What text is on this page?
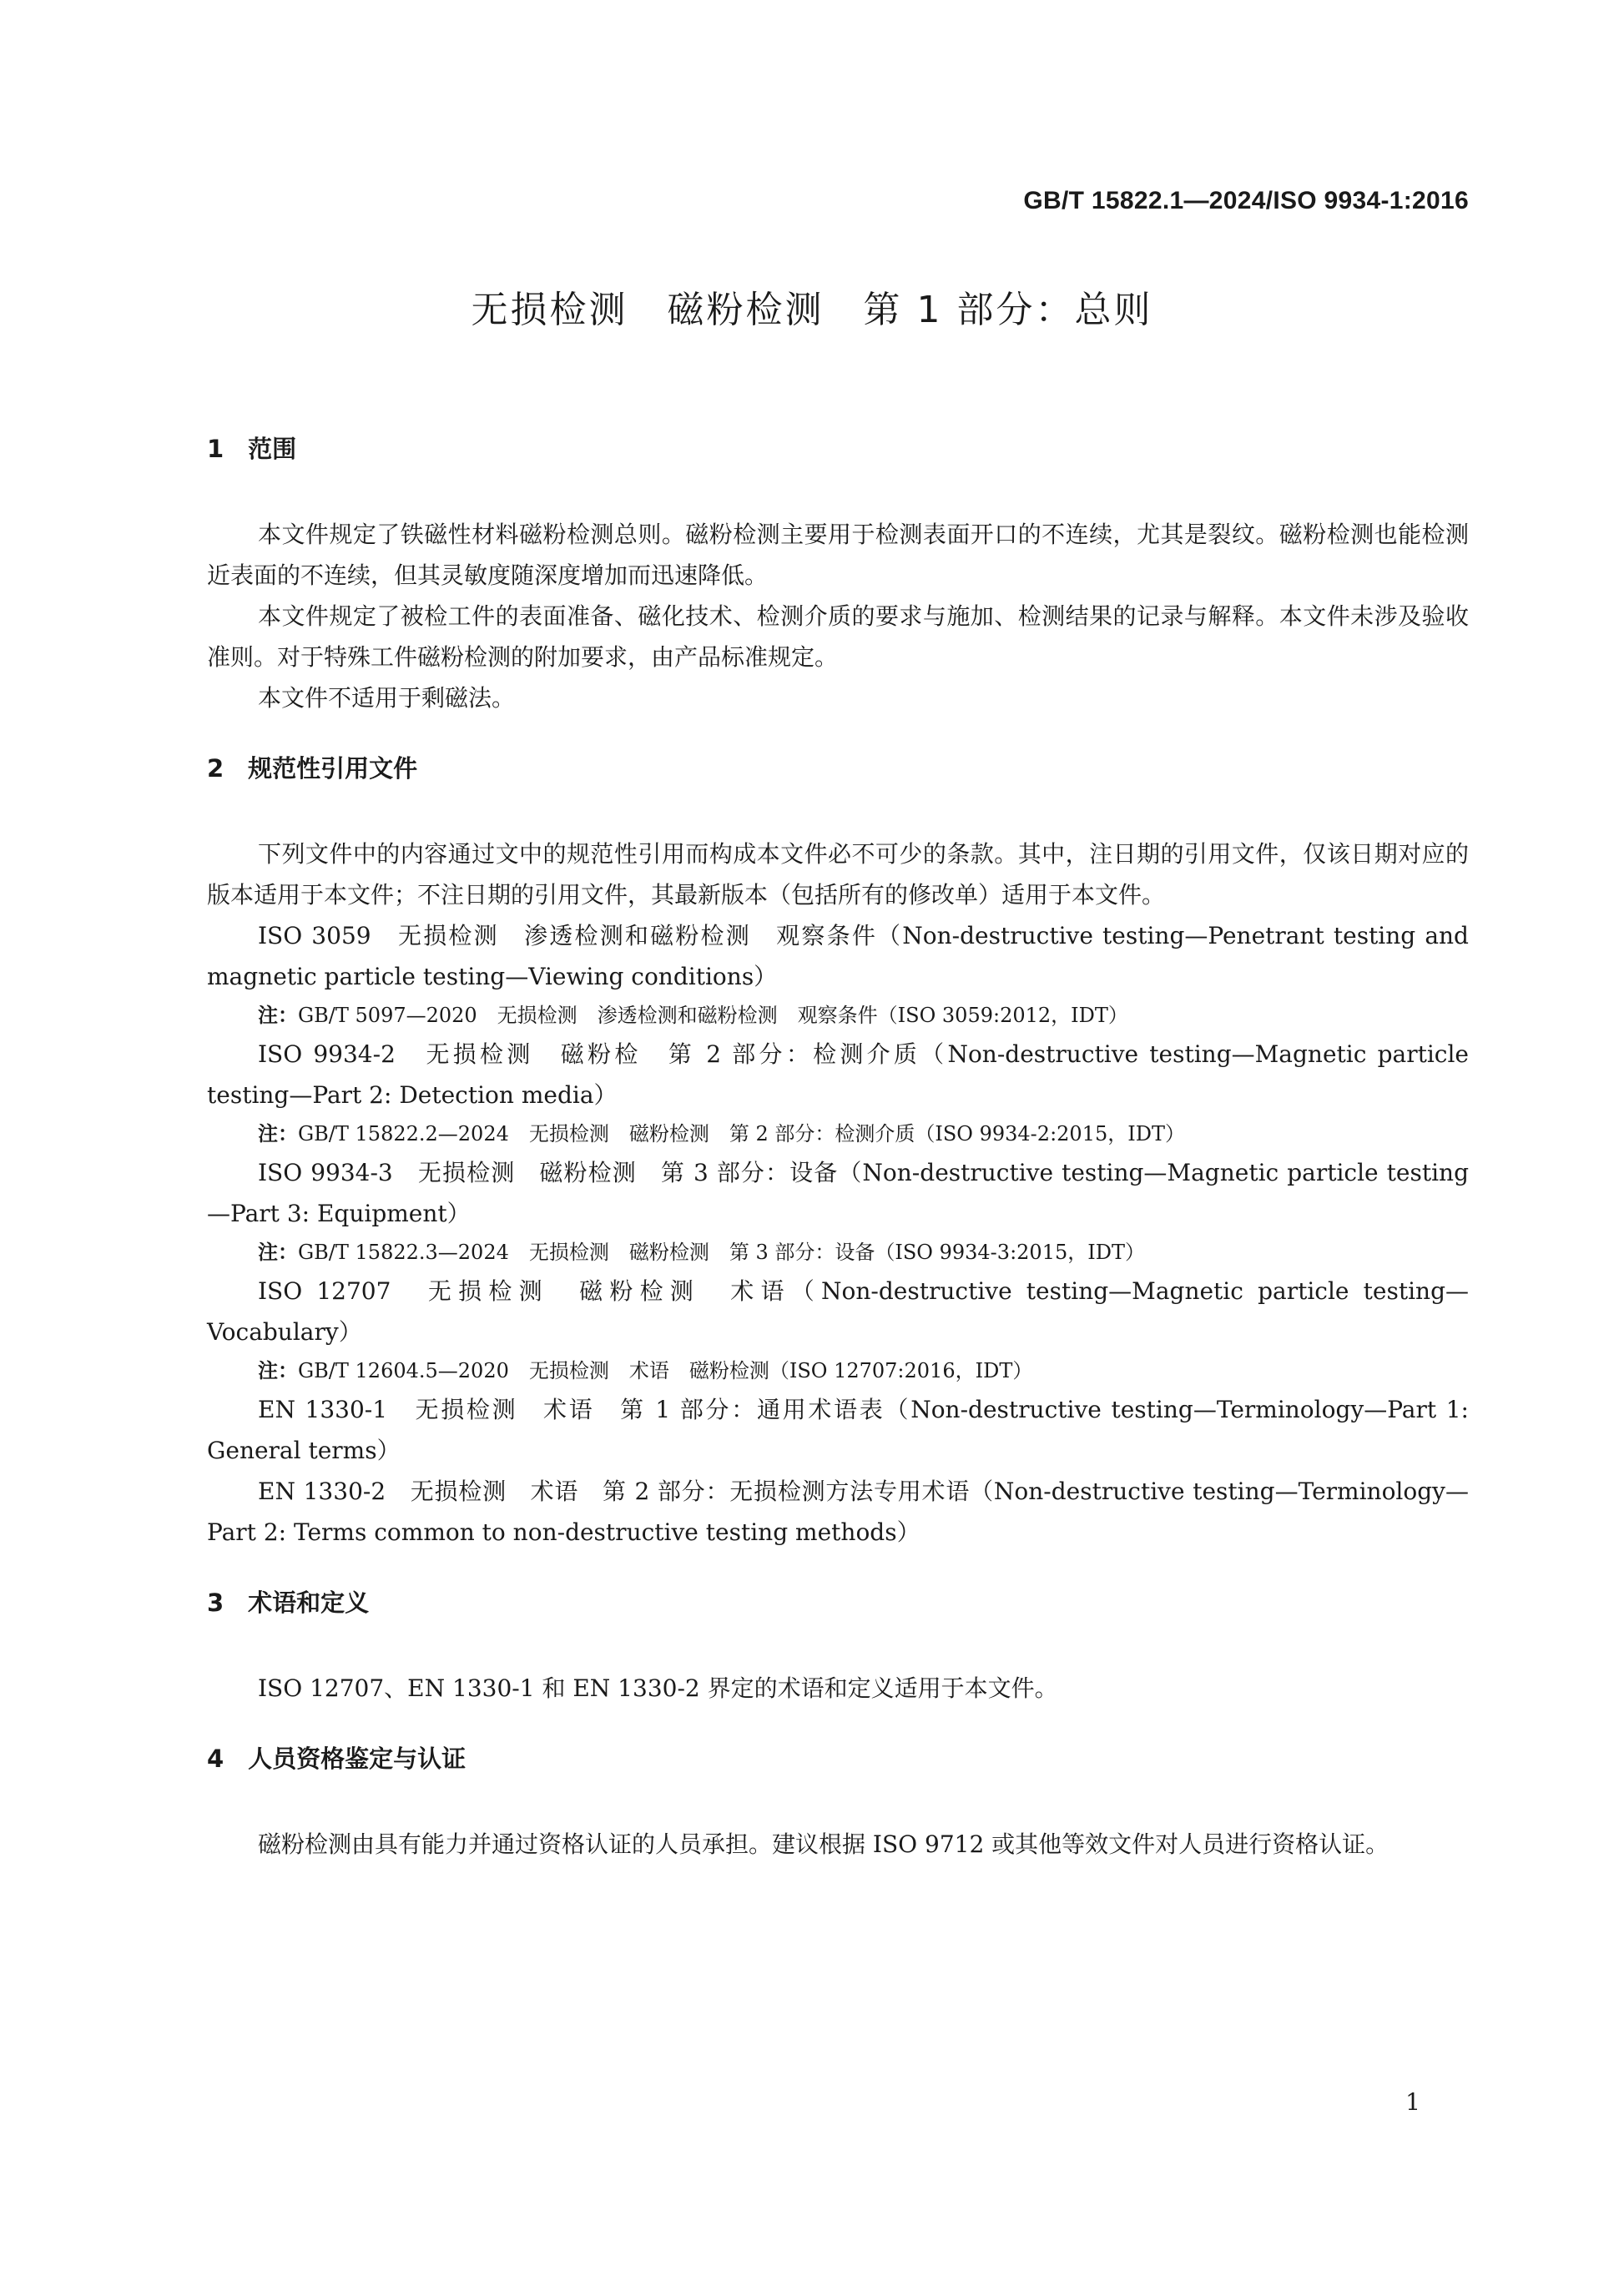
GB/T 15822.1—2024/ISO 9934-1:2016
无损检测　磁粉检测　第 1 部分：总则
1　范围

本文件规定了铁磁性材料磁粉检测总则。磁粉检测主要用于检测表面开口的不连续，尤其是裂纹。磁粉检测也能检测近表面的不连续，但其灵敏度随深度增加而迅速降低。

本文件规定了被检工件的表面准备、磁化技术、检测介质的要求与施加、检测结果的记录与解释。本文件未涉及验收准则。对于特殊工件磁粉检测的附加要求，由产品标准规定。

本文件不适用于剩磁法。

2　规范性引用文件

下列文件中的内容通过文中的规范性引用而构成本文件必不可少的条款。其中，注日期的引用文件，仅该日期对应的版本适用于本文件；不注日期的引用文件，其最新版本（包括所有的修改单）适用于本文件。

ISO 3059　无损检测　渗透检测和磁粉检测　观察条件（Non-destructive testing—Penetrant testing and magnetic particle testing—Viewing conditions）

注：GB/T 5097—2020　无损检测　渗透检测和磁粉检测　观察条件（ISO 3059:2012，IDT）

ISO 9934-2　无损检测　磁粉检　第 2 部分：检测介质（Non-destructive testing—Magnetic particle testing—Part 2: Detection media）

注：GB/T 15822.2—2024　无损检测　磁粉检测　第 2 部分：检测介质（ISO 9934-2:2015，IDT）

ISO 9934-3　无损检测　磁粉检测　第 3 部分：设备（Non-destructive testing—Magnetic particle testing—Part 3: Equipment）

注：GB/T 15822.3—2024　无损检测　磁粉检测　第 3 部分：设备（ISO 9934-3:2015，IDT）

ISO 12707　无损检测　磁粉检测　术语（Non-destructive testing—Magnetic particle testing—Vocabulary）

注：GB/T 12604.5—2020　无损检测　术语　磁粉检测（ISO 12707:2016，IDT）

EN 1330-1　无损检测　术语　第 1 部分：通用术语表（Non-destructive testing—Terminology—Part 1: General terms）

EN 1330-2　无损检测　术语　第 2 部分：无损检测方法专用术语（Non-destructive testing—Terminology—Part 2: Terms common to non-destructive testing methods）

3　术语和定义

ISO 12707、EN 1330-1 和 EN 1330-2 界定的术语和定义适用于本文件。

4　人员资格鉴定与认证

磁粉检测由具有能力并通过资格认证的人员承担。建议根据 ISO 9712 或其他等效文件对人员进行资格认证。

1
